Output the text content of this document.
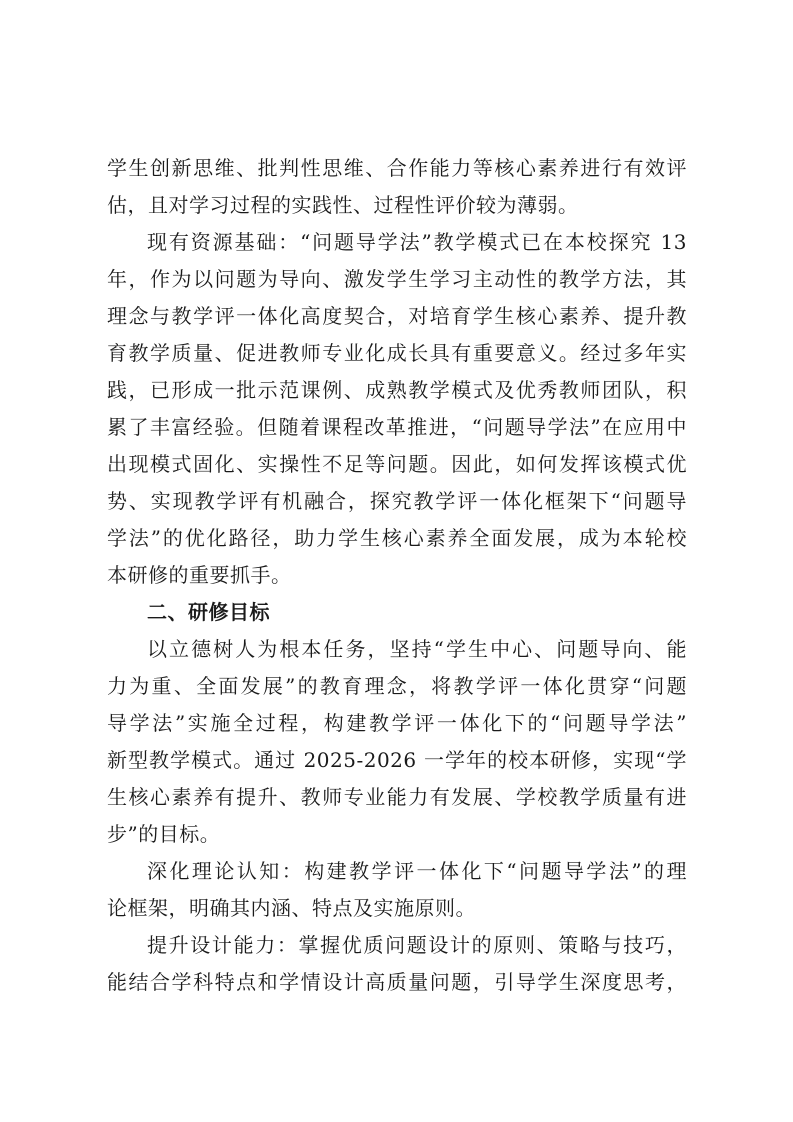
学生创新思维、批判性思维、合作能力等核心素养进行有效评
估，且对学习过程的实践性、过程性评价较为薄弱。
现有资源基础：“问题导学法”教学模式已在本校探究 13
年，作为以问题为导向、激发学生学习主动性的教学方法，其
理念与教学评一体化高度契合，对培育学生核心素养、提升教
育教学质量、促进教师专业化成长具有重要意义。经过多年实
践，已形成一批示范课例、成熟教学模式及优秀教师团队，积
累了丰富经验。但随着课程改革推进，“问题导学法”在应用中
出现模式固化、实操性不足等问题。因此，如何发挥该模式优
势、实现教学评有机融合，探究教学评一体化框架下“问题导
学法”的优化路径，助力学生核心素养全面发展，成为本轮校
本研修的重要抓手。
二、研修目标
以立德树人为根本任务，坚持“学生中心、问题导向、能
力为重、全面发展”的教育理念，将教学评一体化贯穿“问题
导学法”实施全过程，构建教学评一体化下的“问题导学法”
新型教学模式。通过 2025-2026 一学年的校本研修，实现“学
生核心素养有提升、教师专业能力有发展、学校教学质量有进
步”的目标。
深化理论认知：构建教学评一体化下“问题导学法”的理
论框架，明确其内涵、特点及实施原则。
提升设计能力：掌握优质问题设计的原则、策略与技巧，
能结合学科特点和学情设计高质量问题，引导学生深度思考，
